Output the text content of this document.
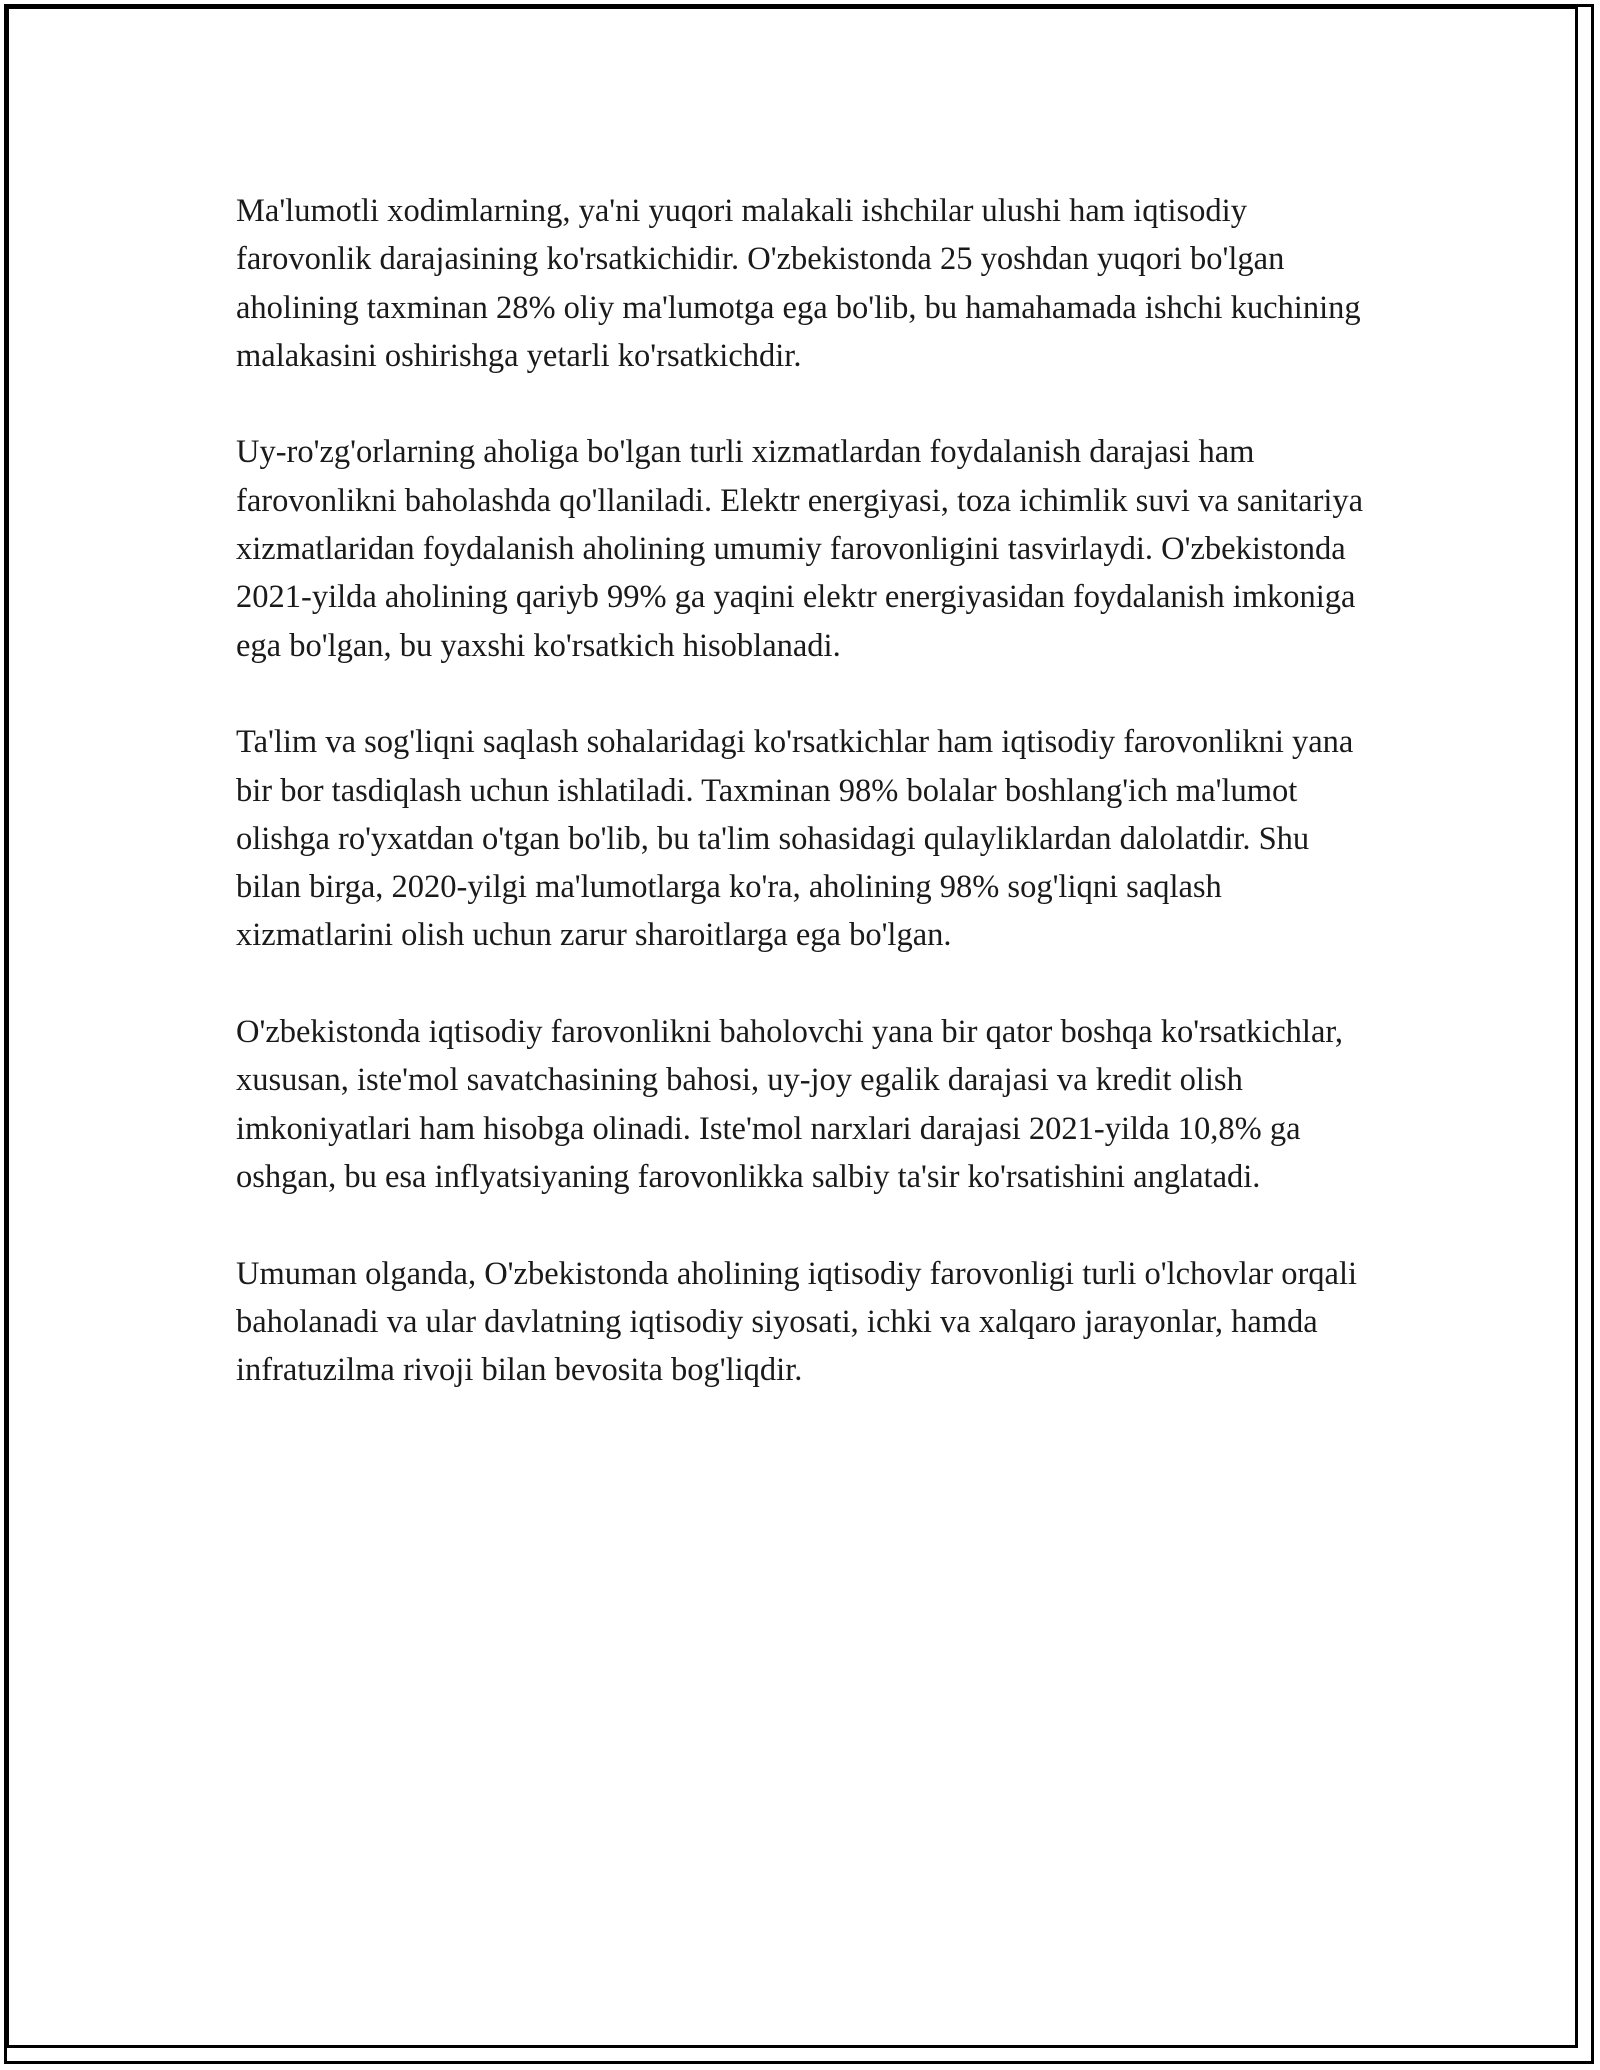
Ma'lumotli xodimlarning, ya'ni yuqori malakali ishchilar ulushi ham iqtisodiy farovonlik darajasining ko'rsatkichidir. O'zbekistonda 25 yoshdan yuqori bo'lgan aholining taxminan 28% oliy ma'lumotga ega bo'lib, bu hamahamada ishchi kuchining malakasini oshirishga yetarli ko'rsatkichdir.

Uy-ro'zg'orlarning aholiga bo'lgan turli xizmatlardan foydalanish darajasi ham farovonlikni baholashda qo'llaniladi. Elektr energiyasi, toza ichimlik suvi va sanitariya xizmatlaridan foydalanish aholining umumiy farovonligini tasvirlaydi. O'zbekistonda 2021-yilda aholining qariyb 99% ga yaqini elektr energiyasidan foydalanish imkoniga ega bo'lgan, bu yaxshi ko'rsatkich hisoblanadi.

Ta'lim va sog'liqni saqlash sohalaridagi ko'rsatkichlar ham iqtisodiy farovonlikni yana bir bor tasdiqlash uchun ishlatiladi. Taxminan 98% bolalar boshlang'ich ma'lumot olishga ro'yxatdan o'tgan bo'lib, bu ta'lim sohasidagi qulayliklardan dalolatdir. Shu bilan birga, 2020-yilgi ma'lumotlarga ko'ra, aholining 98% sog'liqni saqlash xizmatlarini olish uchun zarur sharoitlarga ega bo'lgan.

O'zbekistonda iqtisodiy farovonlikni baholovchi yana bir qator boshqa ko'rsatkichlar, xususan, iste'mol savatchasining bahosi, uy-joy egalik darajasi va kredit olish imkoniyatlari ham hisobga olinadi. Iste'mol narxlari darajasi 2021-yilda 10,8% ga oshgan, bu esa inflyatsiyaning farovonlikka salbiy ta'sir ko'rsatishini anglatadi.

Umuman olganda, O'zbekistonda aholining iqtisodiy farovonligi turli o'lchovlar orqali baholanadi va ular davlatning iqtisodiy siyosati, ichki va xalqaro jarayonlar, hamda infratuzilma rivoji bilan bevosita bog'liqdir.
